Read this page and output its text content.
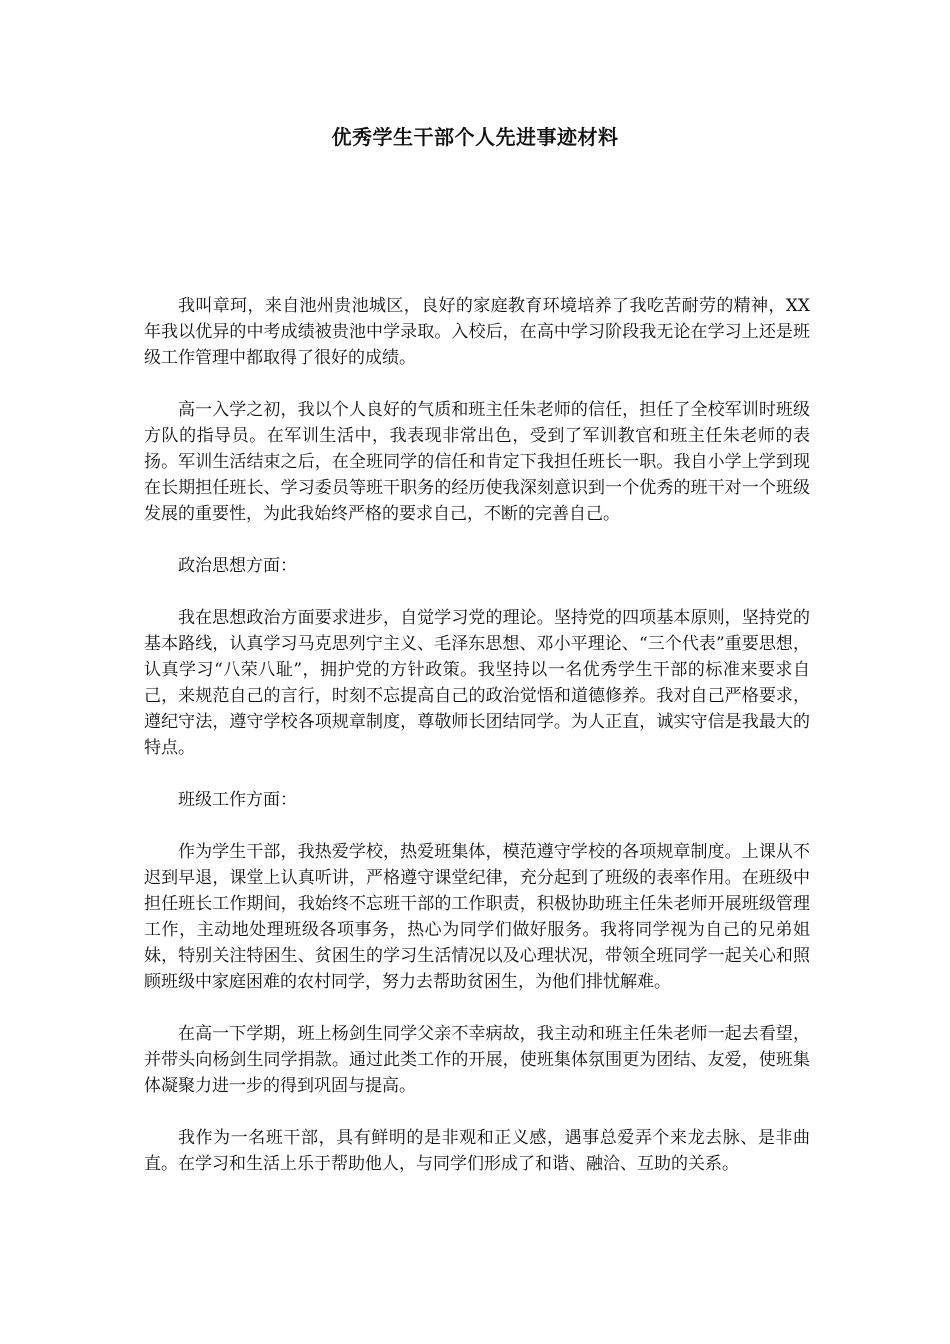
优秀学生干部个人先进事迹材料

我叫章珂，来自池州贵池城区，良好的家庭教育环境培养了我吃苦耐劳的精神，XX年我以优异的中考成绩被贵池中学录取。入校后，在高中学习阶段我无论在学习上还是班级工作管理中都取得了很好的成绩。

高一入学之初，我以个人良好的气质和班主任朱老师的信任，担任了全校军训时班级方队的指导员。在军训生活中，我表现非常出色，受到了军训教官和班主任朱老师的表扬。军训生活结束之后，在全班同学的信任和肯定下我担任班长一职。我自小学上学到现在长期担任班长、学习委员等班干职务的经历使我深刻意识到一个优秀的班干对一个班级发展的重要性，为此我始终严格的要求自己，不断的完善自己。

政治思想方面：

我在思想政治方面要求进步，自觉学习党的理论。坚持党的四项基本原则，坚持党的基本路线，认真学习马克思列宁主义、毛泽东思想、邓小平理论、“三个代表”重要思想，认真学习“八荣八耻”，拥护党的方针政策。我坚持以一名优秀学生干部的标准来要求自己，来规范自己的言行，时刻不忘提高自己的政治觉悟和道德修养。我对自己严格要求，遵纪守法，遵守学校各项规章制度，尊敬师长团结同学。为人正直，诚实守信是我最大的特点。

班级工作方面：

作为学生干部，我热爱学校，热爱班集体，模范遵守学校的各项规章制度。上课从不迟到早退，课堂上认真听讲，严格遵守课堂纪律，充分起到了班级的表率作用。在班级中担任班长工作期间，我始终不忘班干部的工作职责，积极协助班主任朱老师开展班级管理工作，主动地处理班级各项事务，热心为同学们做好服务。我将同学视为自己的兄弟姐妹，特别关注特困生、贫困生的学习生活情况以及心理状况，带领全班同学一起关心和照顾班级中家庭困难的农村同学，努力去帮助贫困生，为他们排忧解难。

在高一下学期，班上杨剑生同学父亲不幸病故，我主动和班主任朱老师一起去看望，并带头向杨剑生同学捐款。通过此类工作的开展，使班集体氛围更为团结、友爱，使班集体凝聚力进一步的得到巩固与提高。

我作为一名班干部，具有鲜明的是非观和正义感，遇事总爱弄个来龙去脉、是非曲直。在学习和生活上乐于帮助他人，与同学们形成了和谐、融洽、互助的关系。
